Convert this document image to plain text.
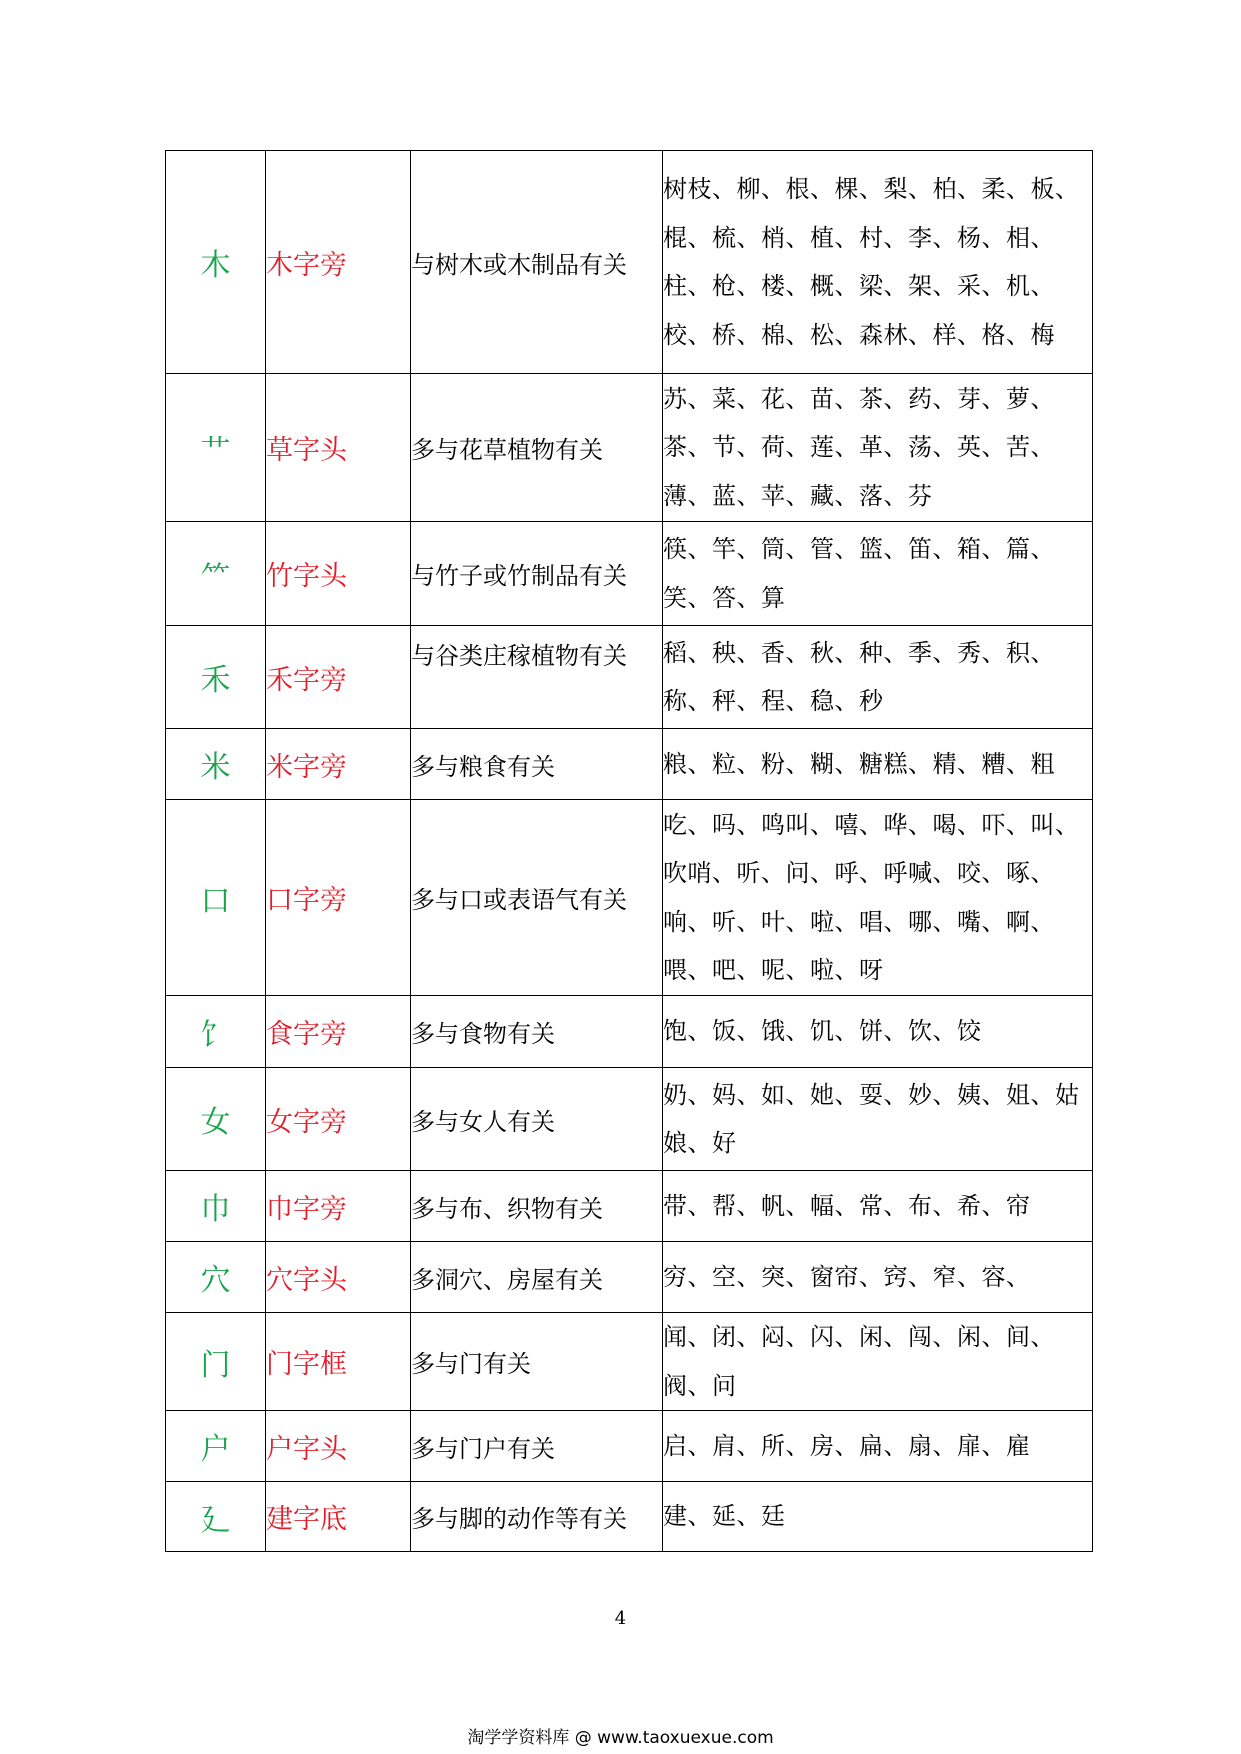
木	木字旁	与树木或木制品有关	树枝、柳、根、棵、梨、柏、柔、板、棍、梳、梢、植、村、李、杨、相、柱、枪、楼、概、梁、架、采、机、校、桥、棉、松、森林、样、格、梅
艹	草字头	多与花草植物有关	苏、菜、花、苗、茶、药、芽、萝、茶、节、荷、莲、革、荡、英、苦、薄、蓝、苹、藏、落、芬
⺮	竹字头	与竹子或竹制品有关	筷、竿、筒、管、篮、笛、箱、篇、笑、答、算
禾	禾字旁	与谷类庄稼植物有关	稻、秧、香、秋、种、季、秀、积、称、秤、程、稳、秒
米	米字旁	多与粮食有关	粮、粒、粉、糊、糖糕、精、糟、粗
口	口字旁	多与口或表语气有关	吃、吗、鸣叫、嘻、哗、喝、吓、叫、吹哨、听、问、呼、呼喊、咬、啄、响、听、叶、啦、唱、哪、嘴、啊、喂、吧、呢、啦、呀
饣	食字旁	多与食物有关	饱、饭、饿、饥、饼、饮、饺
女	女字旁	多与女人有关	奶、妈、如、她、耍、妙、姨、姐、姑娘、好
巾	巾字旁	多与布、织物有关	带、帮、帆、幅、常、布、希、帘
穴	穴字头	多洞穴、房屋有关	穷、空、突、窗帘、窍、窄、容、
门	门字框	多与门有关	闻、闭、闷、闪、闲、闯、闲、间、阀、问
户	户字头	多与门户有关	启、肩、所、房、扁、扇、扉、雇
廴	建字底	多与脚的动作等有关	建、延、廷
4
淘学学资料库 @ www.taoxuexue.com
